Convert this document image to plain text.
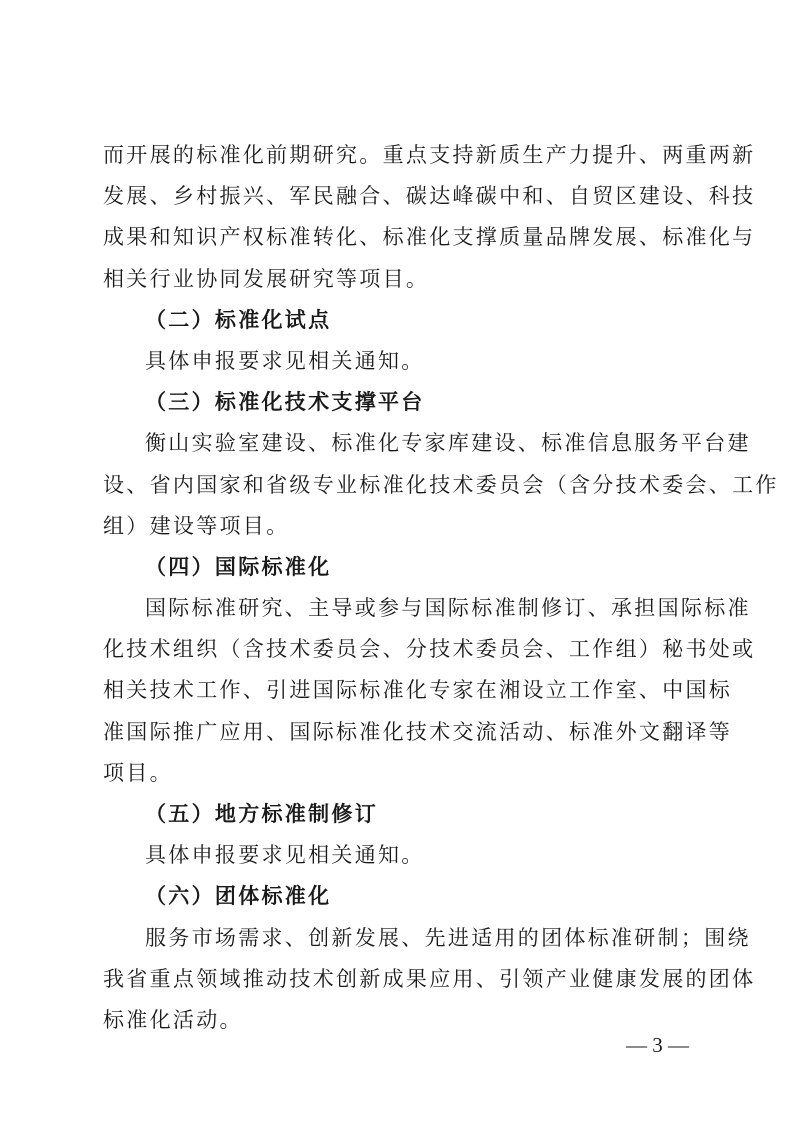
而开展的标准化前期研究。重点支持新质生产力提升、两重两新
发展、乡村振兴、军民融合、碳达峰碳中和、自贸区建设、科技
成果和知识产权标准转化、标准化支撑质量品牌发展、标准化与
相关行业协同发展研究等项目。
（二）标准化试点
具体申报要求见相关通知。
（三）标准化技术支撑平台
衡山实验室建设、标准化专家库建设、标准信息服务平台建
设、省内国家和省级专业标准化技术委员会（含分技术委会、工作
组）建设等项目。
（四）国际标准化
国际标准研究、主导或参与国际标准制修订、承担国际标准
化技术组织（含技术委员会、分技术委员会、工作组）秘书处或
相关技术工作、引进国际标准化专家在湘设立工作室、中国标
准国际推广应用、国际标准化技术交流活动、标准外文翻译等
项目。
（五）地方标准制修订
具体申报要求见相关通知。
（六）团体标准化
服务市场需求、创新发展、先进适用的团体标准研制；围绕
我省重点领域推动技术创新成果应用、引领产业健康发展的团体
标准化活动。
— 3 —
